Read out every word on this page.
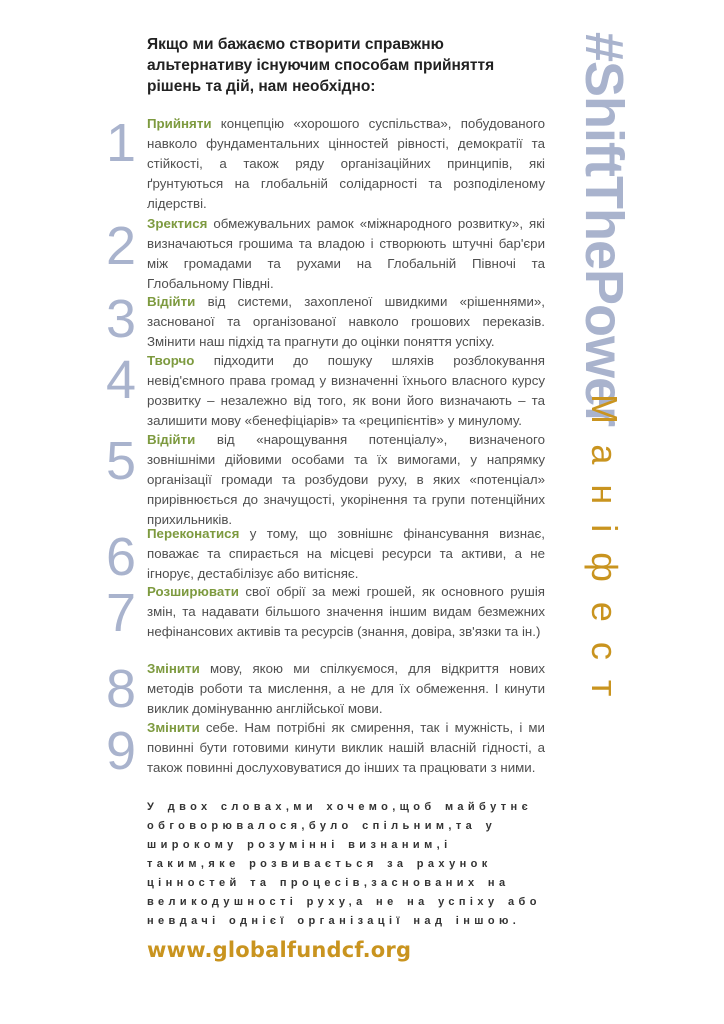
Якщо ми бажаємо створити справжню альтернативу існуючим способам прийняття рішень та дій, нам необхідно:
1
2
3
4
5
6
7
8
9
Прийняти концепцію «хорошого суспільства», побудованого навколо фундаментальних цінностей рівності, демократії та стійкості, а також ряду організаційних принципів, які ґрунтуються на глобальній солідарності та розподіленому лідерстві.
Зректися обмежувальних рамок «міжнародного розвитку», які визначаються грошима та владою і створюють штучні бар'єри між громадами та рухами на Глобальній Півночі та Глобальному Півдні.
Відійти від системи, захопленої швидкими «рішеннями», заснованої та організованої навколо грошових переказів. Змінити наш підхід та прагнути до оцінки поняття успіху.
Творчо підходити до пошуку шляхів розблокування невід'ємного права громад у визначенні їхнього власного курсу розвитку – незалежно від того, як вони його визначають – та залишити мову «бенефіціарів» та «реципієнтів» у минулому.
Відійти від «нарощування потенціалу», визначеного зовнішніми дійовими особами та їх вимогами, у напрямку організації громади та розбудови руху, в яких «потенціал» прирівнюється до значущості, укорінення та групи потенційних прихильників.
Переконатися у тому, що зовнішнє фінансування визнає, поважає та спирається на місцеві ресурси та активи, а не ігнорує, дестабілізує або витісняє.
Розширювати свої обрії за межі грошей, як основного рушія змін, та надавати більшого значення іншим видам безмежних нефінансових активів та ресурсів (знання, довіра, зв'язки та ін.)
Змінити мову, якою ми спілкуємося, для відкриття нових методів роботи та мислення, а не для їх обмеження. І кинути виклик домінуванню англійської мови.
Змінити себе. Нам потрібні як смирення, так і мужність, і ми повинні бути готовими кинути виклик нашій власній гідності, а також повинні дослуховуватися до інших та працювати з ними.
#ShiftThePower
Маніфест
У двох словах,ми хочемо,щоб майбутнє обговорювалося,було спільним,та у широкому розумінні визнаним,і таким,яке розвивається за рахунок цінностей та процесів,заснованих на великодушності руху,а не на успіху або невдачі однієї організації над іншою.
www.globalfundcf.org
